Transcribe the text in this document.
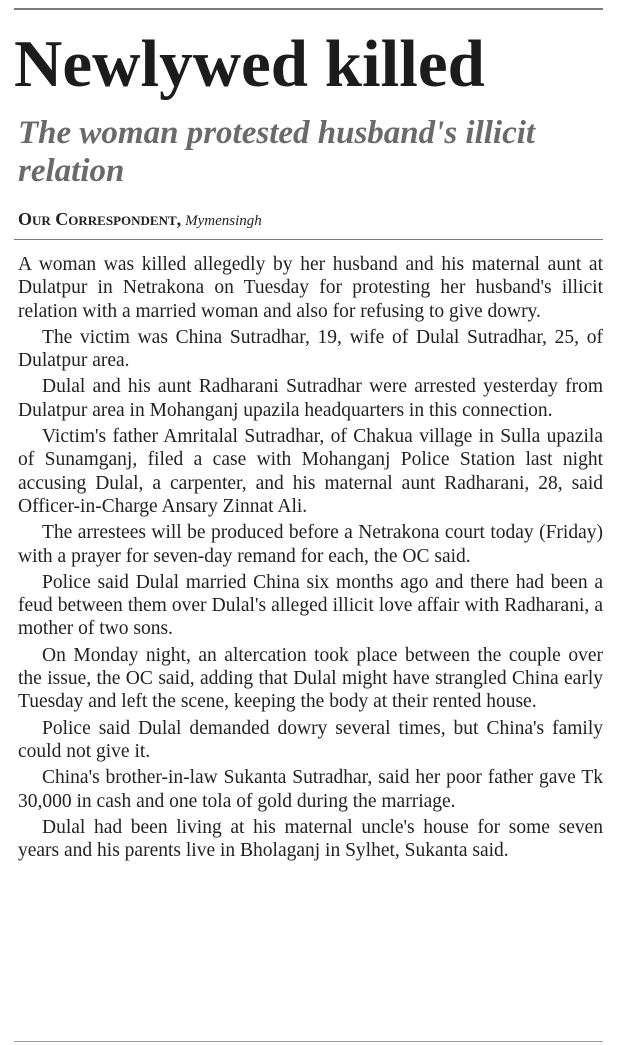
Newlywed killed
The woman protested husband's illicit relation
Our Correspondent, Mymensingh

A woman was killed allegedly by her husband and his maternal aunt at Dulatpur in Netrakona on Tuesday for protesting her husband's illicit relation with a married woman and also for refusing to give dowry.

The victim was China Sutradhar, 19, wife of Dulal Sutradhar, 25, of Dulatpur area.

Dulal and his aunt Radharani Sutradhar were arrested yesterday from Dulatpur area in Mohanganj upazila headquarters in this connection.

Victim's father Amritalal Sutradhar, of Chakua village in Sulla upazila of Sunamganj, filed a case with Mohanganj Police Station last night accusing Dulal, a carpenter, and his maternal aunt Radharani, 28, said Officer-in-Charge Ansary Zinnat Ali.

The arrestees will be produced before a Netrakona court today (Friday) with a prayer for seven-day remand for each, the OC said.

Police said Dulal married China six months ago and there had been a feud between them over Dulal's alleged illicit love affair with Radharani, a mother of two sons.

On Monday night, an altercation took place between the couple over the issue, the OC said, adding that Dulal might have strangled China early Tuesday and left the scene, keeping the body at their rented house.

Police said Dulal demanded dowry several times, but China's family could not give it.

China's brother-in-law Sukanta Sutradhar, said her poor father gave Tk 30,000 in cash and one tola of gold during the marriage.

Dulal had been living at his maternal uncle's house for some seven years and his parents live in Bholaganj in Sylhet, Sukanta said.
